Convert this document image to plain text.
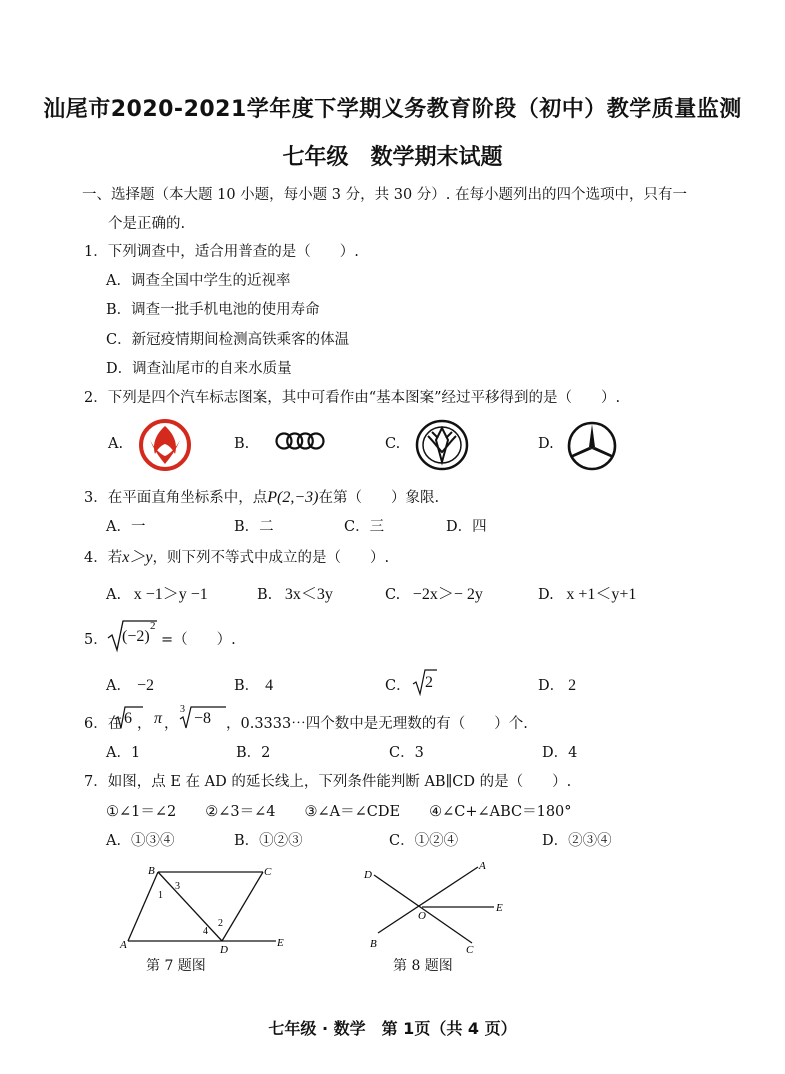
汕尾市2020-2021学年度下学期义务教育阶段（初中）教学质量监测
七年级　数学期末试题
一、选择题（本大题 10 小题，每小题 3 分，共 30 分）. 在每小题列出的四个选项中，只有一
个是正确的.
1．下列调查中，适合用普查的是（　　）.
A．调查全国中学生的近视率
B．调查一批手机电池的使用寿命
C．新冠疫情期间检测高铁乘客的体温
D．调查汕尾市的自来水质量
2．下列是四个汽车标志图案，其中可看作由“基本图案”经过平移得到的是（　　）.
A.	B.	C.	D.
3．在平面直角坐标系中，点P(2,−3)在第（　　）象限.
A．一	B．二	C．三	D．四
4．若x＞y，则下列不等式中成立的是（　　）.
A. x −1＞y −1	B. 3x＜3y	C. −2x＞− 2y	D. x +1＜y+1
5． (−2)
2
=（　　）.
A． −2	B． 4	C． 2	D． 2
6．在 6 ， π ，
3
−8 ，0.3333⋯四个数中是无理数的有（　　）个.
A．1	B．2	C．3	D．4
7．如图，点 E 在 AD 的延长线上，下列条件能判断 AB∥CD 的是（　　）.
①∠1＝∠2　　②∠3＝∠4　　③∠A＝∠CDE　　④∠C+∠ABC＝180°
A．①③④	B．①②③	C．①②④	D．②③④
B	C
A	D
E
1
3
2
4
第 7 题图
A
B	C
D
E
O
第 8 题图
七年级 · 数学　第 1页（共 4 页）
